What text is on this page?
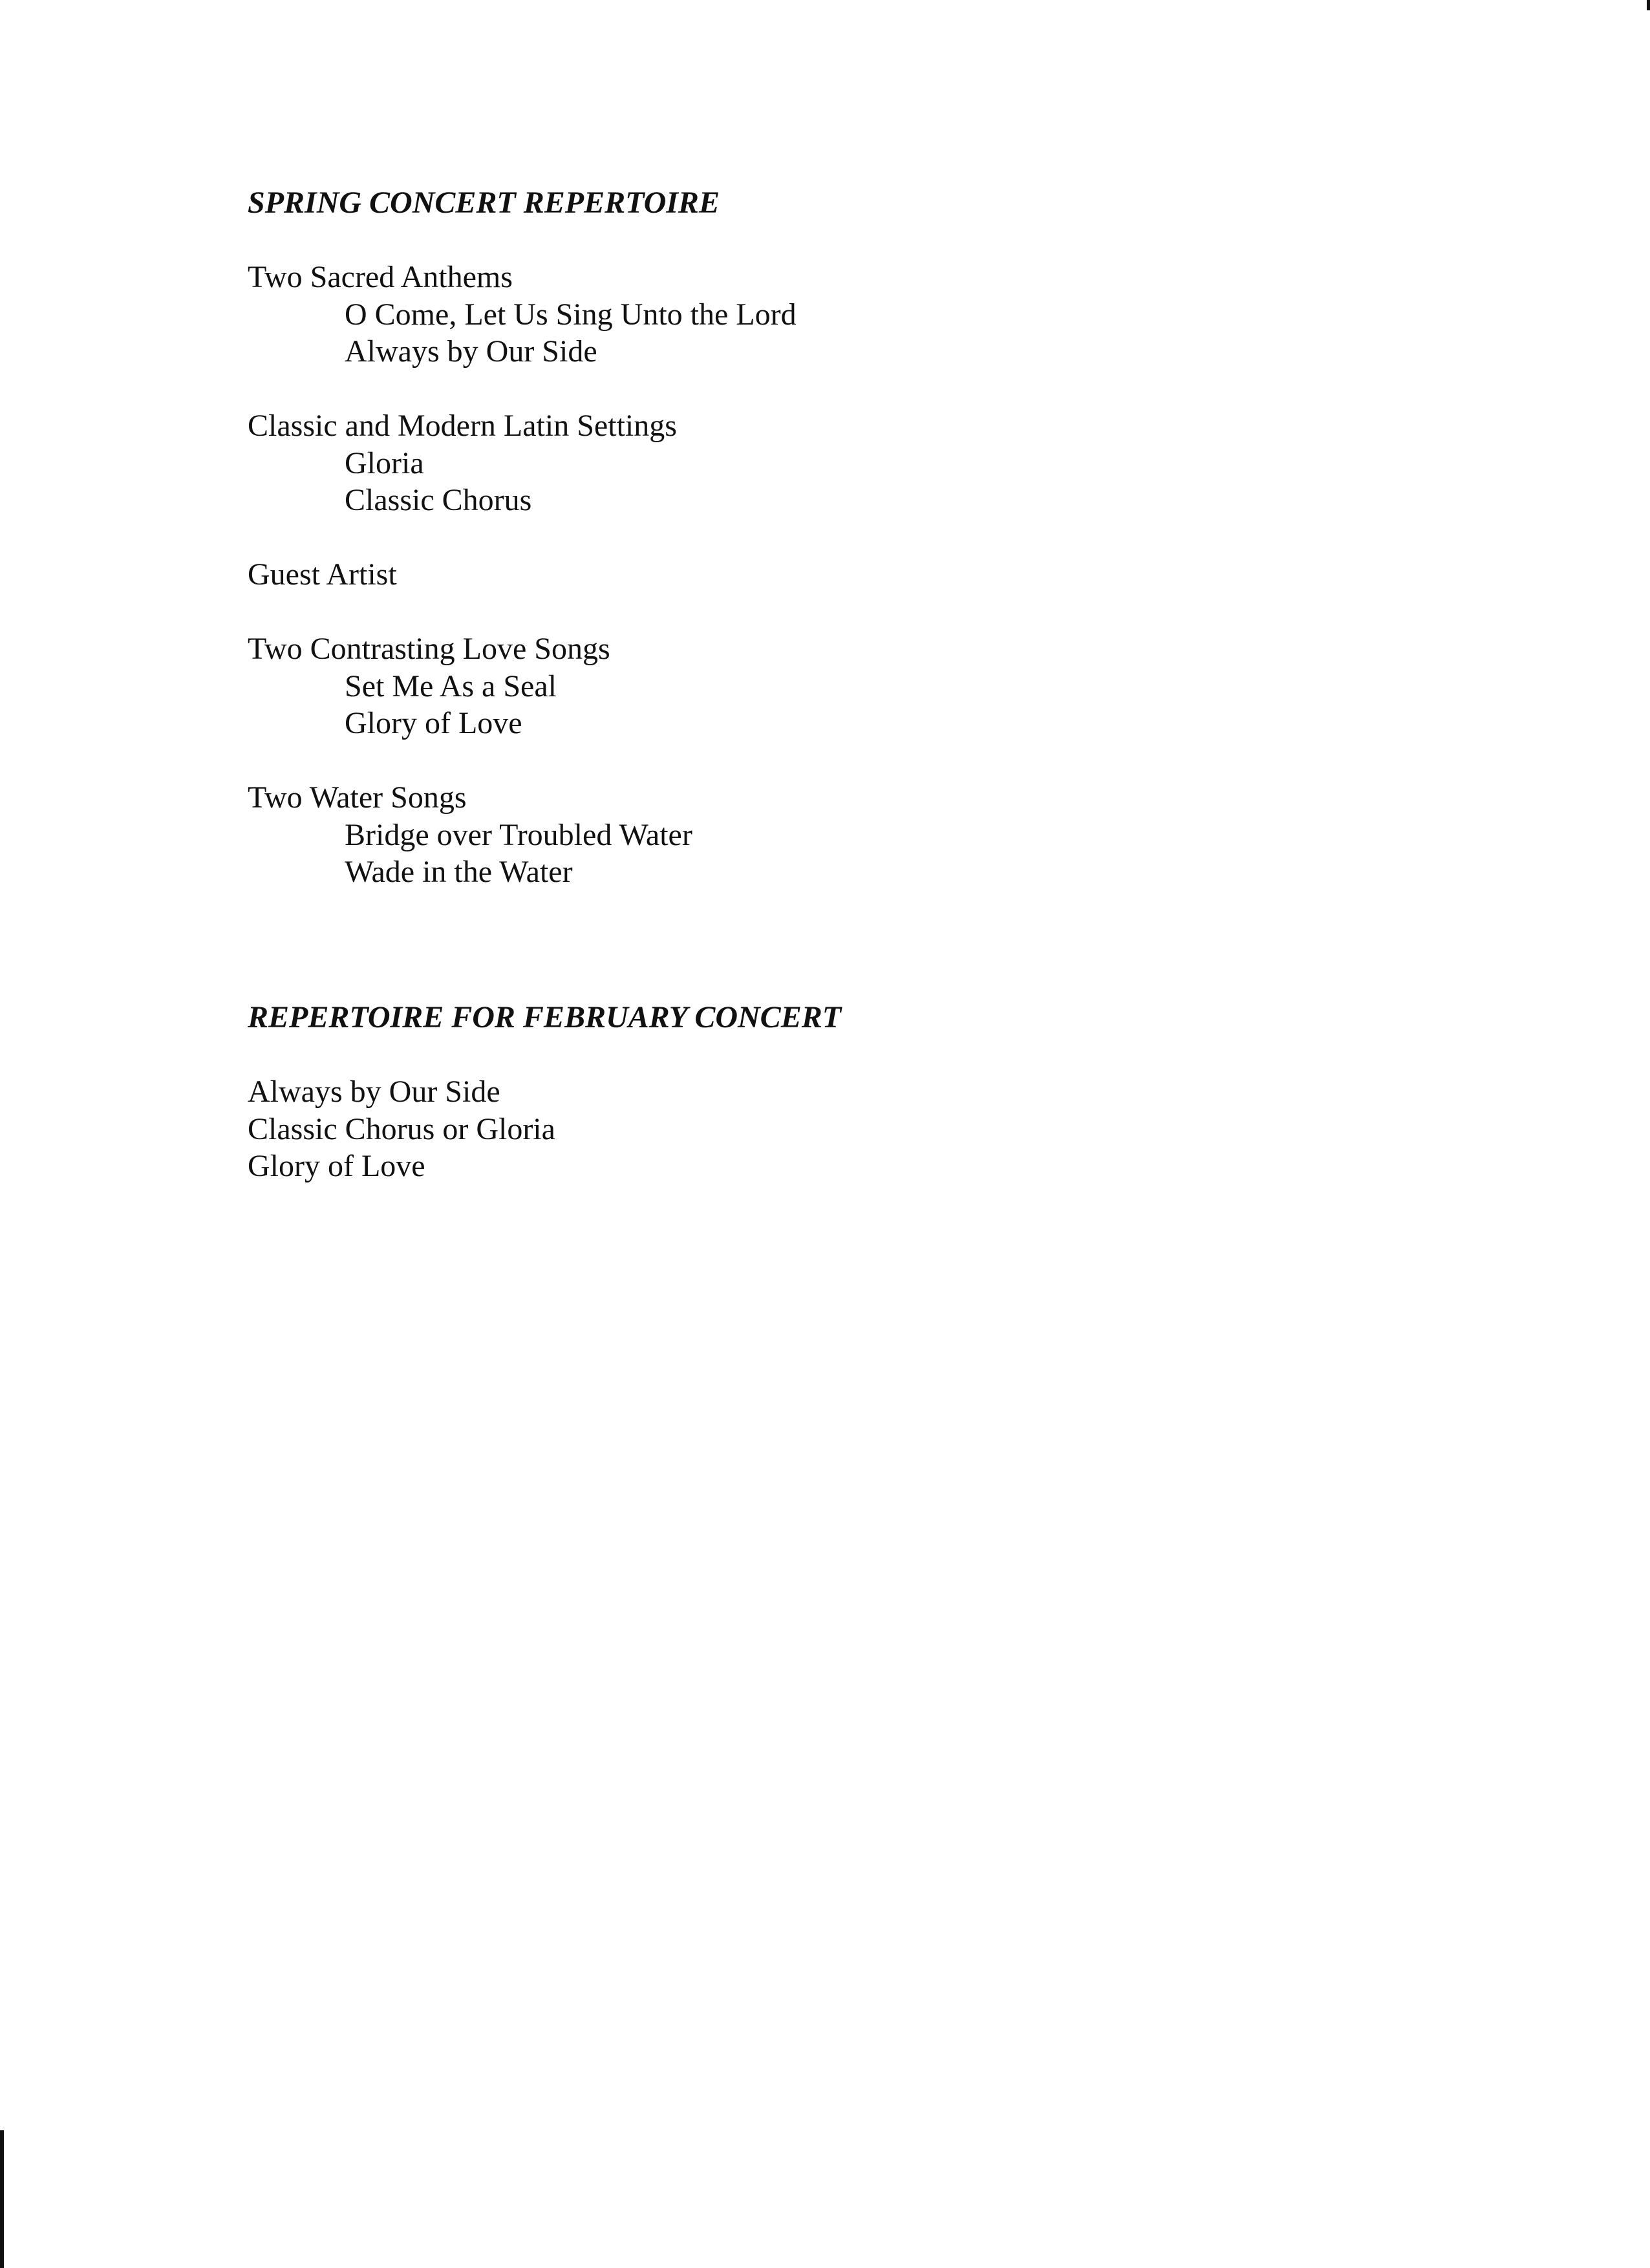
SPRING CONCERT REPERTOIRE
Two Sacred Anthems
O Come, Let Us Sing Unto the Lord
Always by Our Side
Classic and Modern Latin Settings
Gloria
Classic Chorus
Guest Artist
Two Contrasting Love Songs
Set Me As a Seal
Glory of Love
Two Water Songs
Bridge over Troubled Water
Wade in the Water
REPERTOIRE FOR FEBRUARY CONCERT
Always by Our Side
Classic Chorus or Gloria
Glory of Love
